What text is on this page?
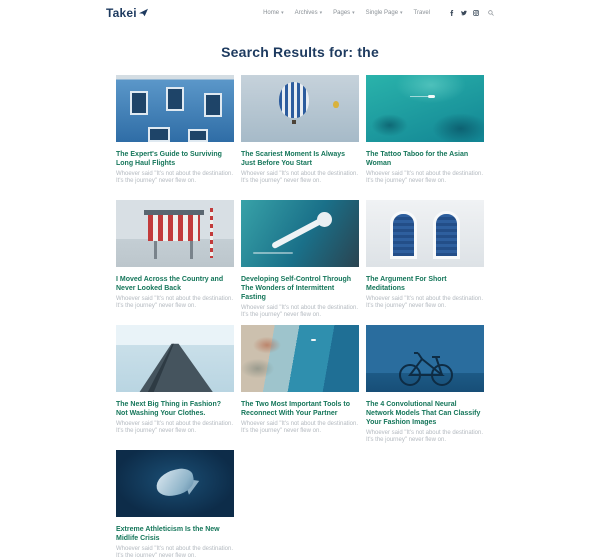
Takei	Home ▾ Archives ▾ Pages ▾ Single Page ▾ Travel
Search Results for: the
The Expert's Guide to Surviving Long Haul Flights

Whoever said "It's not about the destination. It's the journey" never flew on.

The Scariest Moment Is Always Just Before You Start

Whoever said "It's not about the destination. It's the journey" never flew on.

The Tattoo Taboo for the Asian Woman

Whoever said "It's not about the destination. It's the journey" never flew on.

I Moved Across the Country and Never Looked Back

Whoever said "It's not about the destination. It's the journey" never flew on.

Developing Self-Control Through The Wonders of Intermittent Fasting

Whoever said "It's not about the destination. It's the journey" never flew on.

The Argument For Short Meditations

Whoever said "It's not about the destination. It's the journey" never flew on.

The Next Big Thing in Fashion? Not Washing Your Clothes.

Whoever said "It's not about the destination. It's the journey" never flew on.

The Two Most Important Tools to Reconnect With Your Partner

Whoever said "It's not about the destination. It's the journey" never flew on.

The 4 Convolutional Neural Network Models That Can Classify Your Fashion Images

Whoever said "It's not about the destination. It's the journey" never flew on.

Extreme Athleticism Is the New Midlife Crisis

Whoever said "It's not about the destination. It's the journey" never flew on.
